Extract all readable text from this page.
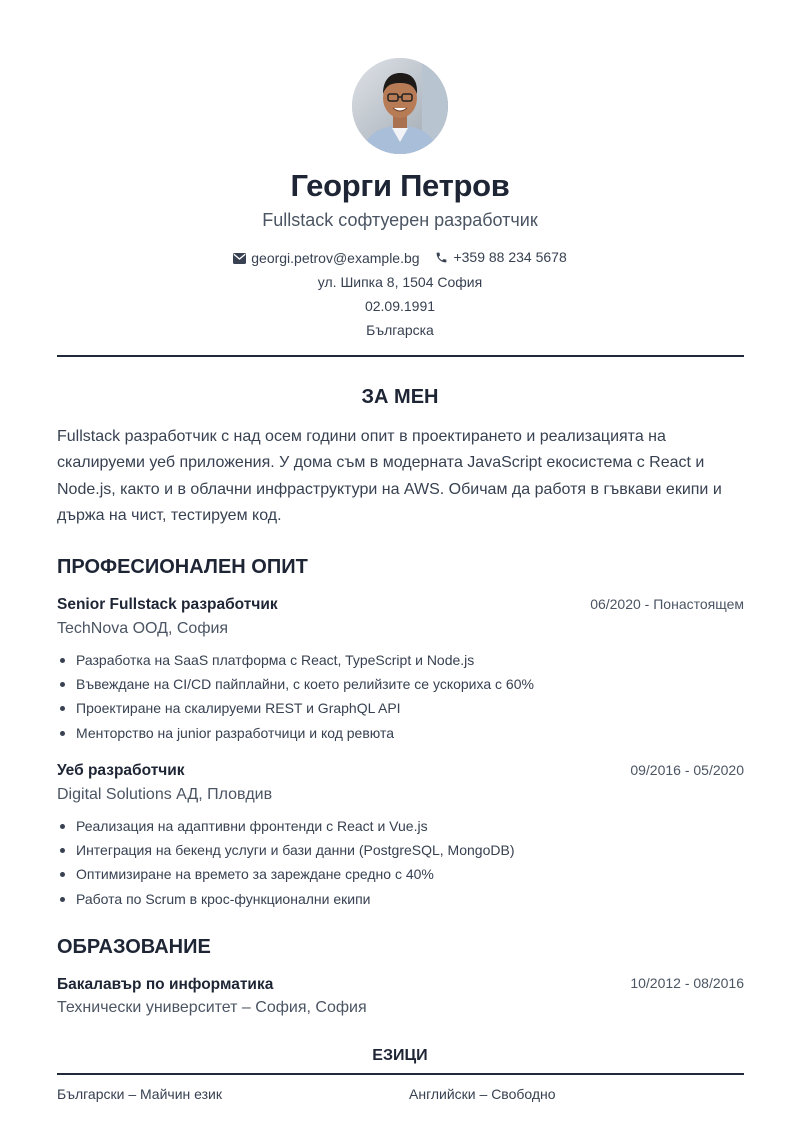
Георги Петров
Fullstack софтуерен разработчик
georgi.petrov@example.bg
+359 88 234 5678
ул. Шипка 8, 1504 София
02.09.1991
Българска
ЗА МЕН
Fullstack разработчик с над осем години опит в проектирането и реализацията на скалируеми уеб приложения. У дома съм в модерната JavaScript екосистема с React и Node.js, както и в облачни инфраструктури на AWS. Обичам да работя в гъвкави екипи и държа на чист, тестируем код.
ПРОФЕСИОНАЛЕН ОПИТ
Senior Fullstack разработчик	06/2020 - Понастоящем
TechNova ООД, София
Разработка на SaaS платформа с React, TypeScript и Node.js
Въвеждане на CI/CD пайплайни, с което релийзите се ускориха с 60%
Проектиране на скалируеми REST и GraphQL API
Менторство на junior разработчици и код ревюта
Уеб разработчик	09/2016 - 05/2020
Digital Solutions АД, Пловдив
Реализация на адаптивни фронтенди с React и Vue.js
Интеграция на бекенд услуги и бази данни (PostgreSQL, MongoDB)
Оптимизиране на времето за зареждане средно с 40%
Работа по Scrum в крос-функционални екипи
ОБРАЗОВАНИЕ
Бакалавър по информатика	10/2012 - 08/2016
Технически университет – София, София
ЕЗИЦИ
Български – Майчин език	Английски – Свободно
